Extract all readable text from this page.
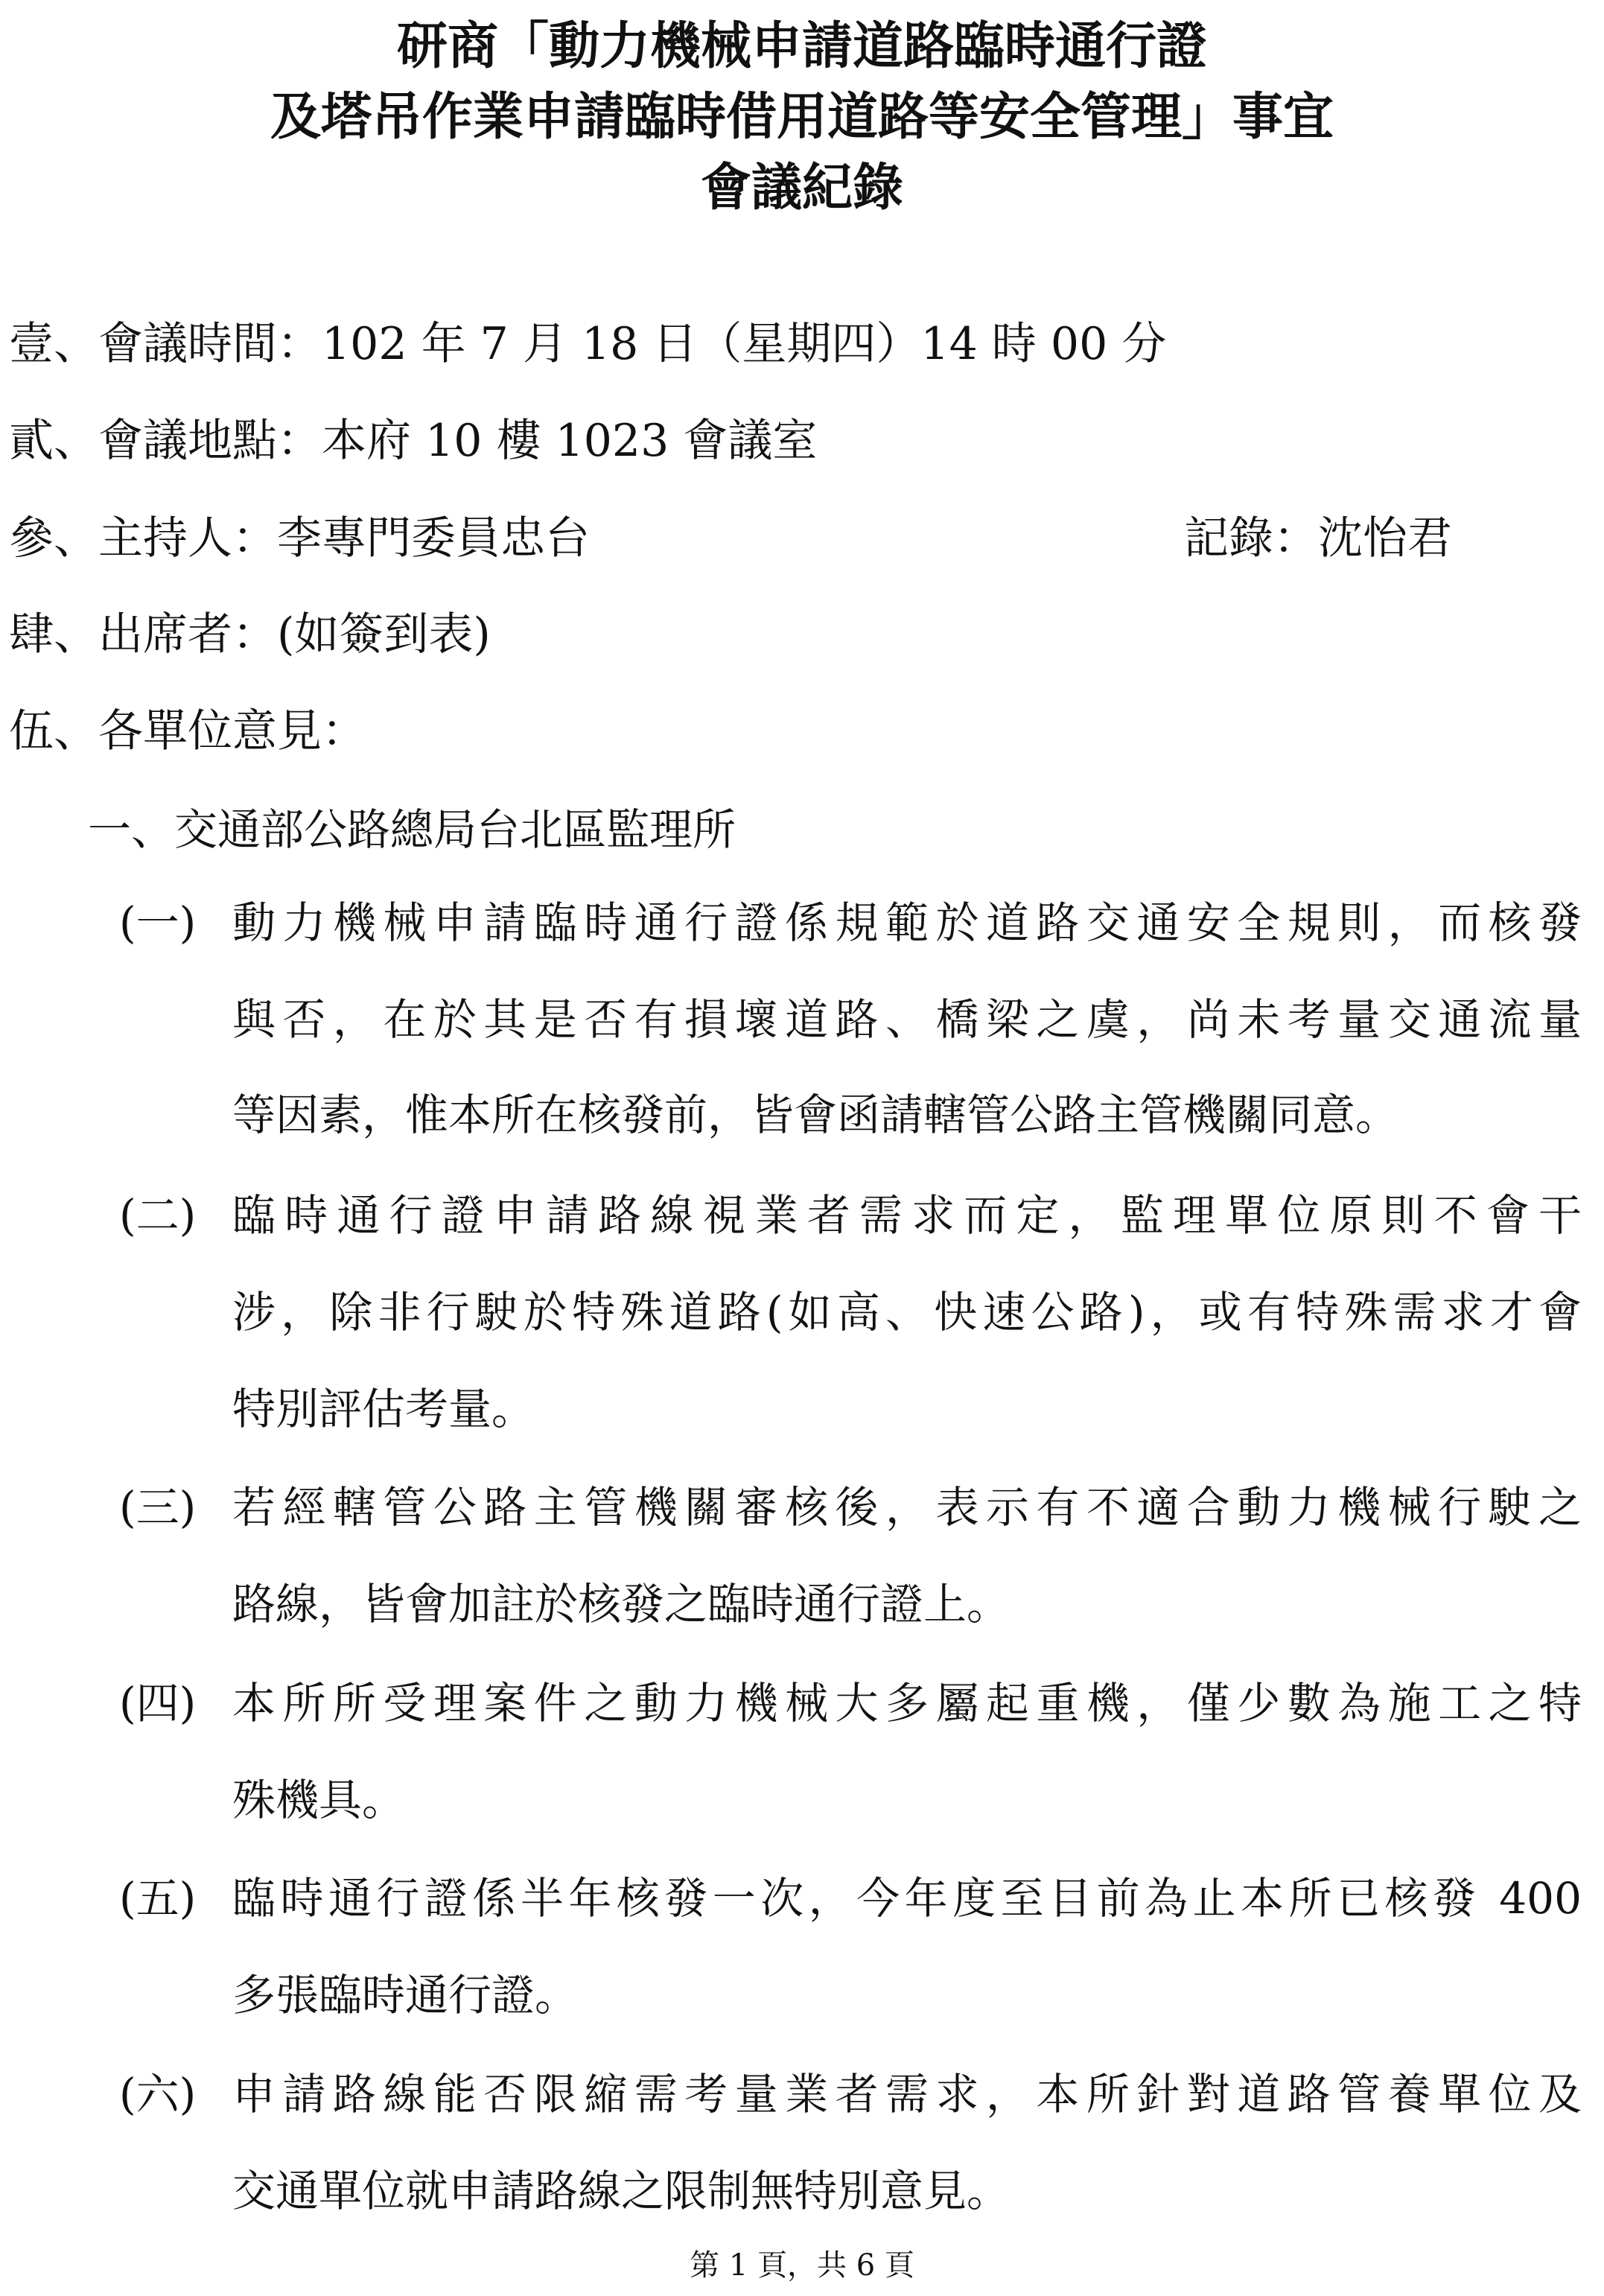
研商「動力機械申請道路臨時通行證
及塔吊作業申請臨時借用道路等安全管理」事宜
會議紀錄
壹、會議時間：102 年 7 月 18 日（星期四）14 時 00 分
貳、會議地點：本府 10 樓 1023 會議室
參、主持人：李專門委員忠台	記錄：沈怡君
肆、出席者：(如簽到表)
伍、各單位意見：
一、交通部公路總局台北區監理所
(一) 動力機械申請臨時通行證係規範於道路交通安全規則，而核發
與否，在於其是否有損壞道路、橋梁之虞，尚未考量交通流量
等因素，惟本所在核發前，皆會函請轄管公路主管機關同意。
(二) 臨時通行證申請路線視業者需求而定，監理單位原則不會干
涉，除非行駛於特殊道路(如高、快速公路)，或有特殊需求才會
特別評估考量。
(三) 若經轄管公路主管機關審核後，表示有不適合動力機械行駛之
路線，皆會加註於核發之臨時通行證上。
(四) 本所所受理案件之動力機械大多屬起重機，僅少數為施工之特
殊機具。
(五) 臨時通行證係半年核發一次，今年度至目前為止本所已核發 400
多張臨時通行證。
(六) 申請路線能否限縮需考量業者需求，本所針對道路管養單位及
交通單位就申請路線之限制無特別意見。
第 1 頁，共 6 頁
